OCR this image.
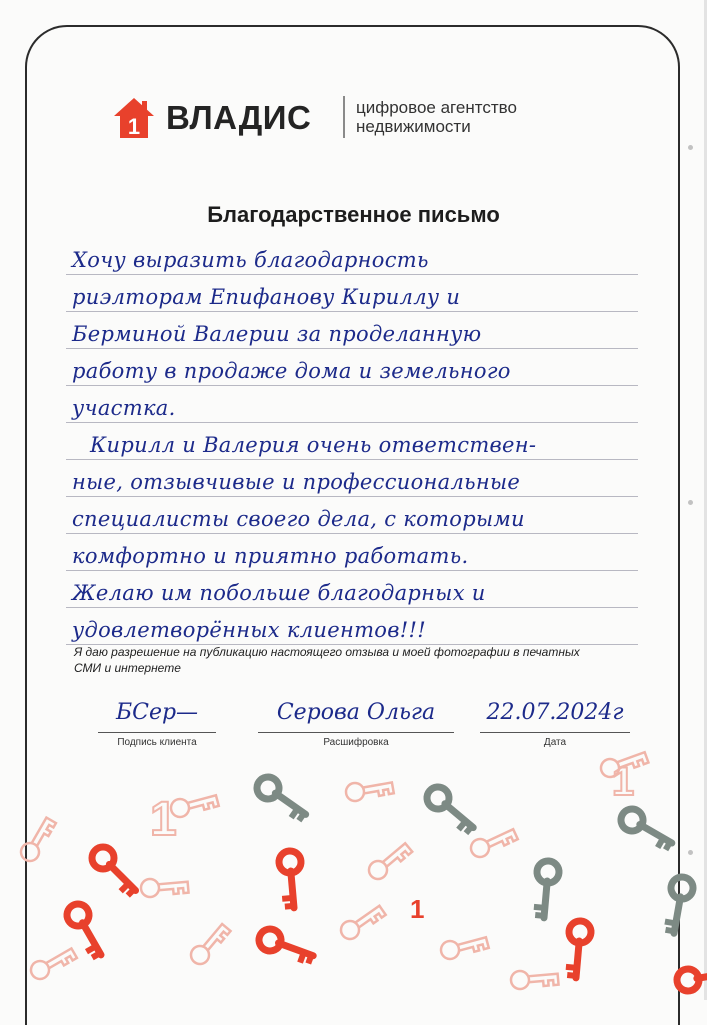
1 ВЛАДИС	цифровое агентство
недвижимости
Благодарственное письмо
Хочу выразить благодарность
риэлторам Епифанову Кириллу и
Берминой Валерии за проделанную
работу в продаже дома и земельного
участка.
Кирилл и Валерия очень ответствен-
ные, отзывчивые и профессиональные
специалисты своего дела, с которыми
комфортно и приятно работать.
Желаю им побольше благодарных и
удовлетворённых клиентов!!!
Я даю разрешение на публикацию настоящего отзыва и моей фотографии в печатных СМИ и интернете
БСер—
Подпись клиента
Серова Ольга
Расшифровка
22.07.2024г
Дата
1
1
1
